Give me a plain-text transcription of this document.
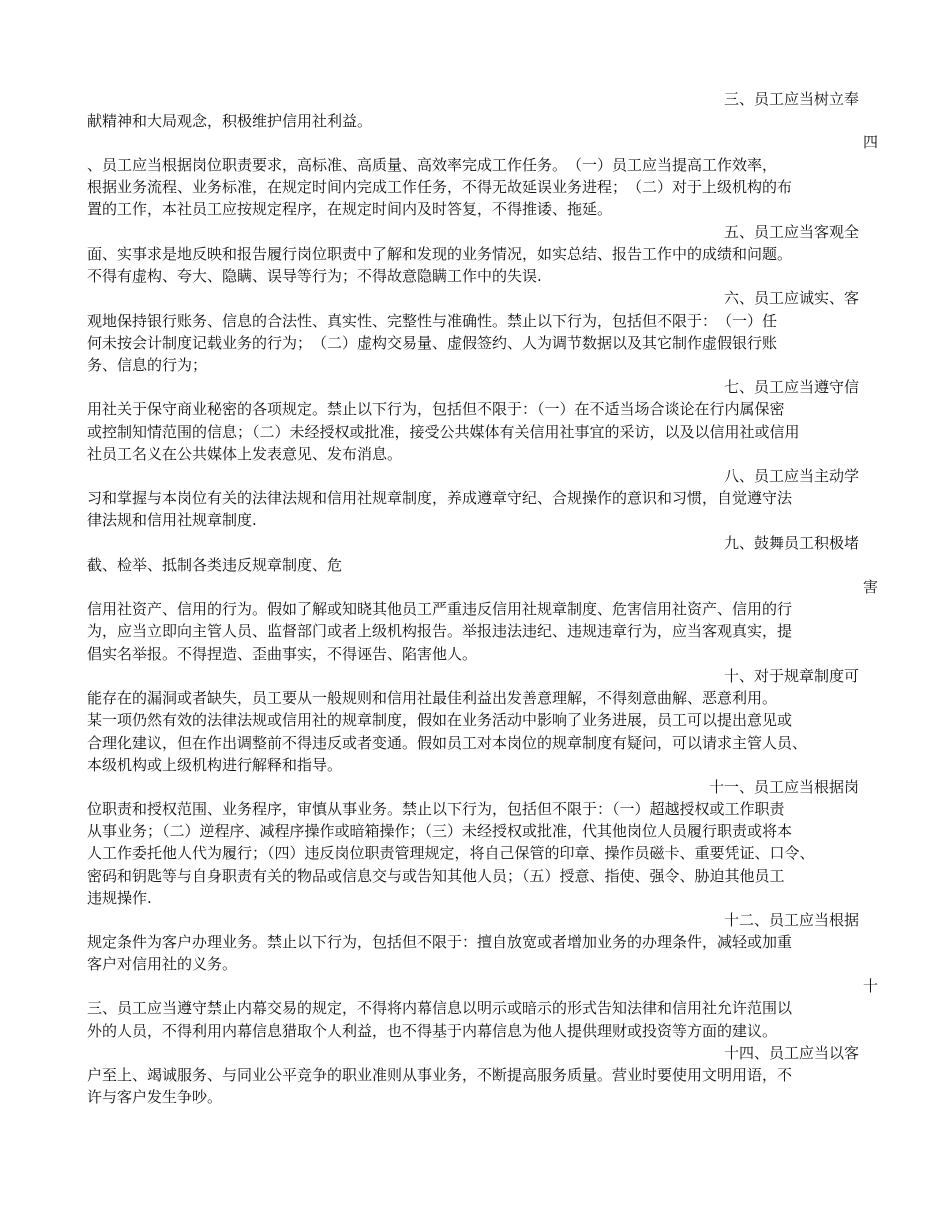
三、员工应当树立奉
献精神和大局观念，积极维护信用社利益。
四
、员工应当根据岗位职责要求，高标准、高质量、高效率完成工作任务。　（一）员工应当提高工作效率，
根据业务流程、业务标准，在规定时间内完成工作任务，不得无故延误业务进程；　（二）对于上级机构的布
置的工作，本社员工应按规定程序，在规定时间内及时答复，不得推诿、拖延。
五、员工应当客观全
面、实事求是地反映和报告履行岗位职责中了解和发现的业务情况，如实总结、报告工作中的成绩和问题。
不得有虚构、夸大、隐瞒、误导等行为；不得故意隐瞒工作中的失误.
六、员工应诚实、客
观地保持银行账务、信息的合法性、真实性、完整性与准确性。禁止以下行为，包括但不限于：　（一）任
何未按会计制度记载业务的行为；　（二）虚构交易量、虚假签约、人为调节数据以及其它制作虚假银行账
务、信息的行为；
七、员工应当遵守信
用社关于保守商业秘密的各项规定。禁止以下行为，包括但不限于：（一）在不适当场合谈论在行内属保密
或控制知情范围的信息；（二）未经授权或批准，接受公共媒体有关信用社事宜的采访，以及以信用社或信用
社员工名义在公共媒体上发表意见、发布消息。
八、员工应当主动学
习和掌握与本岗位有关的法律法规和信用社规章制度，养成遵章守纪、合规操作的意识和习惯，自觉遵守法
律法规和信用社规章制度.
九、鼓舞员工积极堵
截、检举、抵制各类违反规章制度、危
害
信用社资产、信用的行为。假如了解或知晓其他员工严重违反信用社规章制度、危害信用社资产、信用的行
为，应当立即向主管人员、监督部门或者上级机构报告。举报违法违纪、违规违章行为，应当客观真实，提
倡实名举报。不得捏造、歪曲事实，不得诬告、陷害他人。
十、对于规章制度可
能存在的漏洞或者缺失，员工要从一般规则和信用社最佳利益出发善意理解，不得刻意曲解、恶意利用。
某一项仍然有效的法律法规或信用社的规章制度，假如在业务活动中影响了业务进展，员工可以提出意见或
合理化建议，但在作出调整前不得违反或者变通。假如员工对本岗位的规章制度有疑问，可以请求主管人员、
本级机构或上级机构进行解释和指导。
十一、员工应当根据岗
位职责和授权范围、业务程序，审慎从事业务。禁止以下行为，包括但不限于：（一）超越授权或工作职责
从事业务；（二）逆程序、减程序操作或暗箱操作；（三）未经授权或批准，代其他岗位人员履行职责或将本
人工作委托他人代为履行；（四）违反岗位职责管理规定，将自己保管的印章、操作员磁卡、重要凭证、口令、
密码和钥匙等与自身职责有关的物品或信息交与或告知其他人员；（五）授意、指使、强令、胁迫其他员工
违规操作.
十二、员工应当根据
规定条件为客户办理业务。禁止以下行为，包括但不限于：擅自放宽或者增加业务的办理条件，减轻或加重
客户对信用社的义务。
十
三、员工应当遵守禁止内幕交易的规定，不得将内幕信息以明示或暗示的形式告知法律和信用社允许范围以
外的人员，不得利用内幕信息猎取个人利益，也不得基于内幕信息为他人提供理财或投资等方面的建议。
十四、员工应当以客
户至上、竭诚服务、与同业公平竞争的职业准则从事业务，不断提高服务质量。营业时要使用文明用语，不
许与客户发生争吵。
